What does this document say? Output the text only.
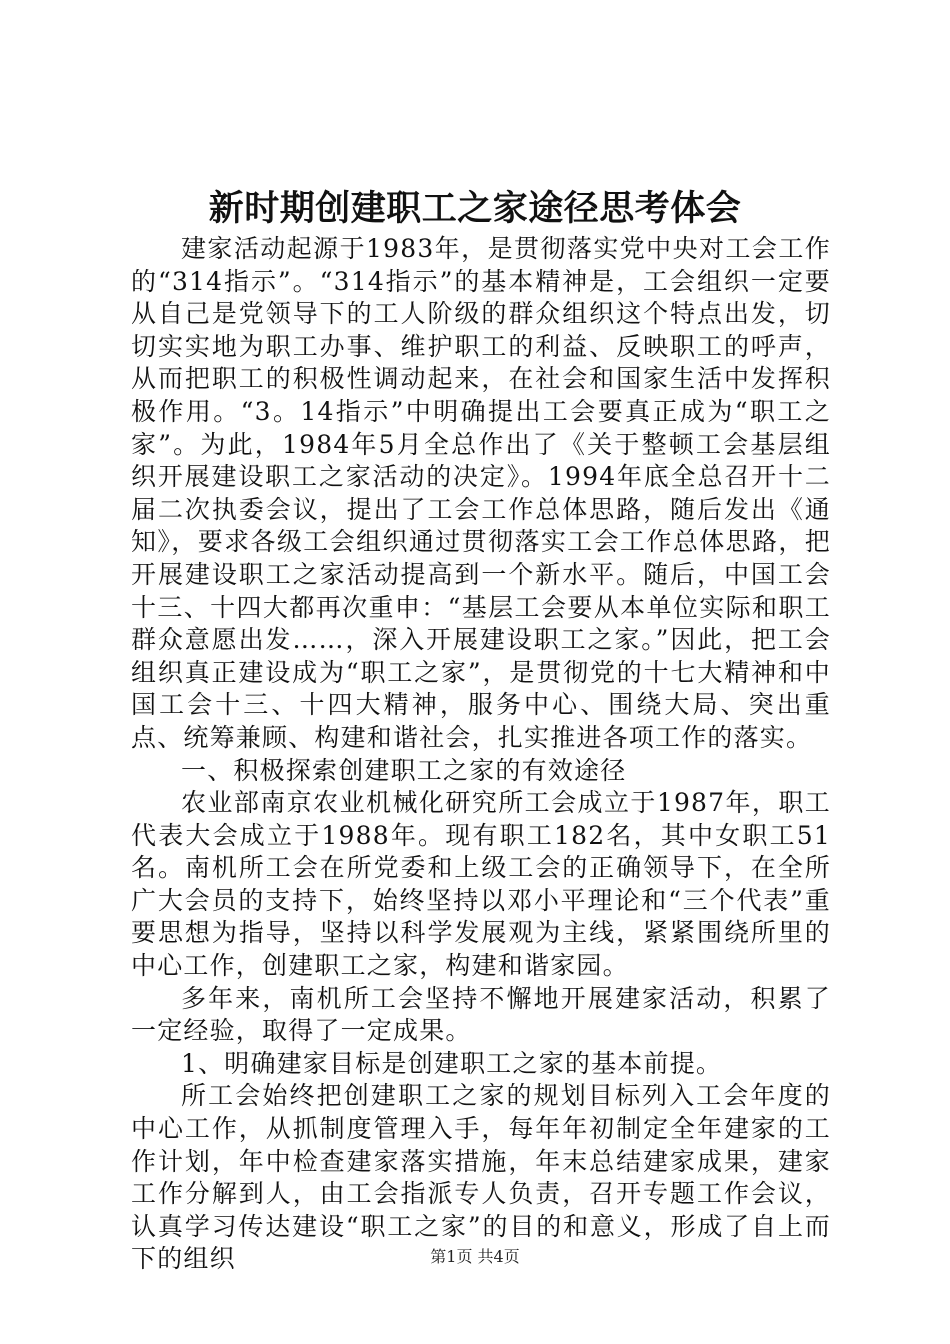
新时期创建职工之家途径思考体会

建家活动起源于1983年，是贯彻落实党中央对工会工作的“314指示”。“314指示”的基本精神是，工会组织一定要从自己是党领导下的工人阶级的群众组织这个特点出发，切切实实地为职工办事、维护职工的利益、反映职工的呼声，从而把职工的积极性调动起来，在社会和国家生活中发挥积极作用。“3。14指示”中明确提出工会要真正成为“职工之家”。为此，1984年5月全总作出了《关于整顿工会基层组织开展建设职工之家活动的决定》。1994年底全总召开十二届二次执委会议，提出了工会工作总体思路，随后发出《通知》，要求各级工会组织通过贯彻落实工会工作总体思路，把开展建设职工之家活动提高到一个新水平。随后，中国工会十三、十四大都再次重申：“基层工会要从本单位实际和职工群众意愿出发……，深入开展建设职工之家。”因此，把工会组织真正建设成为“职工之家”，是贯彻党的十七大精神和中国工会十三、十四大精神，服务中心、围绕大局、突出重点、统筹兼顾、构建和谐社会，扎实推进各项工作的落实。

一、积极探索创建职工之家的有效途径

农业部南京农业机械化研究所工会成立于1987年，职工代表大会成立于1988年。现有职工182名，其中女职工51名。南机所工会在所党委和上级工会的正确领导下，在全所广大会员的支持下，始终坚持以邓小平理论和“三个代表”重要思想为指导，坚持以科学发展观为主线，紧紧围绕所里的中心工作，创建职工之家，构建和谐家园。

多年来，南机所工会坚持不懈地开展建家活动，积累了一定经验，取得了一定成果。

1、明确建家目标是创建职工之家的基本前提。

所工会始终把创建职工之家的规划目标列入工会年度的中心工作，从抓制度管理入手，每年年初制定全年建家的工作计划，年中检查建家落实措施，年末总结建家成果，建家工作分解到人，由工会指派专人负责，召开专题工作会议，认真学习传达建设“职工之家”的目的和意义，形成了自上而下的组织	第1页 共4页
